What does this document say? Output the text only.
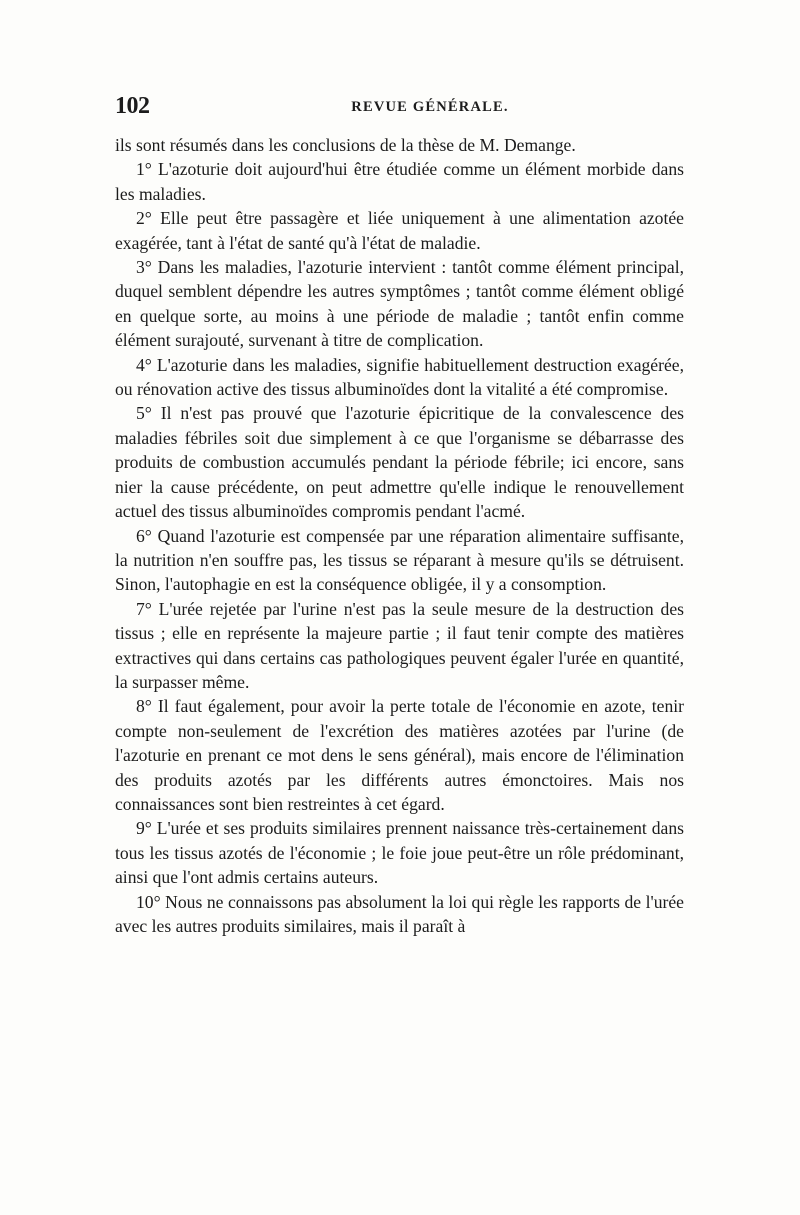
102	REVUE GÉNÉRALE.

ils sont résumés dans les conclusions de la thèse de M. Demange.

1° L'azoturie doit aujourd'hui être étudiée comme un élément morbide dans les maladies.

2° Elle peut être passagère et liée uniquement à une alimentation azotée exagérée, tant à l'état de santé qu'à l'état de maladie.

3° Dans les maladies, l'azoturie intervient : tantôt comme élément principal, duquel semblent dépendre les autres symptômes ; tantôt comme élément obligé en quelque sorte, au moins à une période de maladie ; tantôt enfin comme élément surajouté, survenant à titre de complication.

4° L'azoturie dans les maladies, signifie habituellement destruction exagérée, ou rénovation active des tissus albuminoïdes dont la vitalité a été compromise.

5° Il n'est pas prouvé que l'azoturie épicritique de la convalescence des maladies fébriles soit due simplement à ce que l'organisme se débarrasse des produits de combustion accumulés pendant la période fébrile; ici encore, sans nier la cause précédente, on peut admettre qu'elle indique le renouvellement actuel des tissus albuminoïdes compromis pendant l'acmé.

6° Quand l'azoturie est compensée par une réparation alimentaire suffisante, la nutrition n'en souffre pas, les tissus se réparant à mesure qu'ils se détruisent. Sinon, l'autophagie en est la conséquence obligée, il y a consomption.

7° L'urée rejetée par l'urine n'est pas la seule mesure de la destruction des tissus ; elle en représente la majeure partie ; il faut tenir compte des matières extractives qui dans certains cas pathologiques peuvent égaler l'urée en quantité, la surpasser même.

8° Il faut également, pour avoir la perte totale de l'économie en azote, tenir compte non-seulement de l'excrétion des matières azotées par l'urine (de l'azoturie en prenant ce mot dens le sens général), mais encore de l'élimination des produits azotés par les différents autres émonctoires. Mais nos connaissances sont bien restreintes à cet égard.

9° L'urée et ses produits similaires prennent naissance très-certainement dans tous les tissus azotés de l'économie ; le foie joue peut-être un rôle prédominant, ainsi que l'ont admis certains auteurs.

10° Nous ne connaissons pas absolument la loi qui règle les rapports de l'urée avec les autres produits similaires, mais il paraît à
